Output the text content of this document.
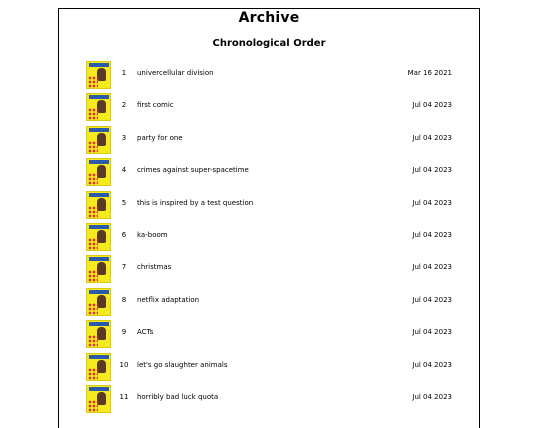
Archive
Chronological Order
1	univercellular division	Mar 16 2021
2	first comic	Jul 04 2023
3	party for one	Jul 04 2023
4	crimes against super-spacetime	Jul 04 2023
5	this is inspired by a test question	Jul 04 2023
6	ka-boom	Jul 04 2023
7	christmas	Jul 04 2023
8	netflix adaptation	Jul 04 2023
9	ACTs	Jul 04 2023
10 let's go slaughter animals	Jul 04 2023
11 horribly bad luck quota	Jul 04 2023
